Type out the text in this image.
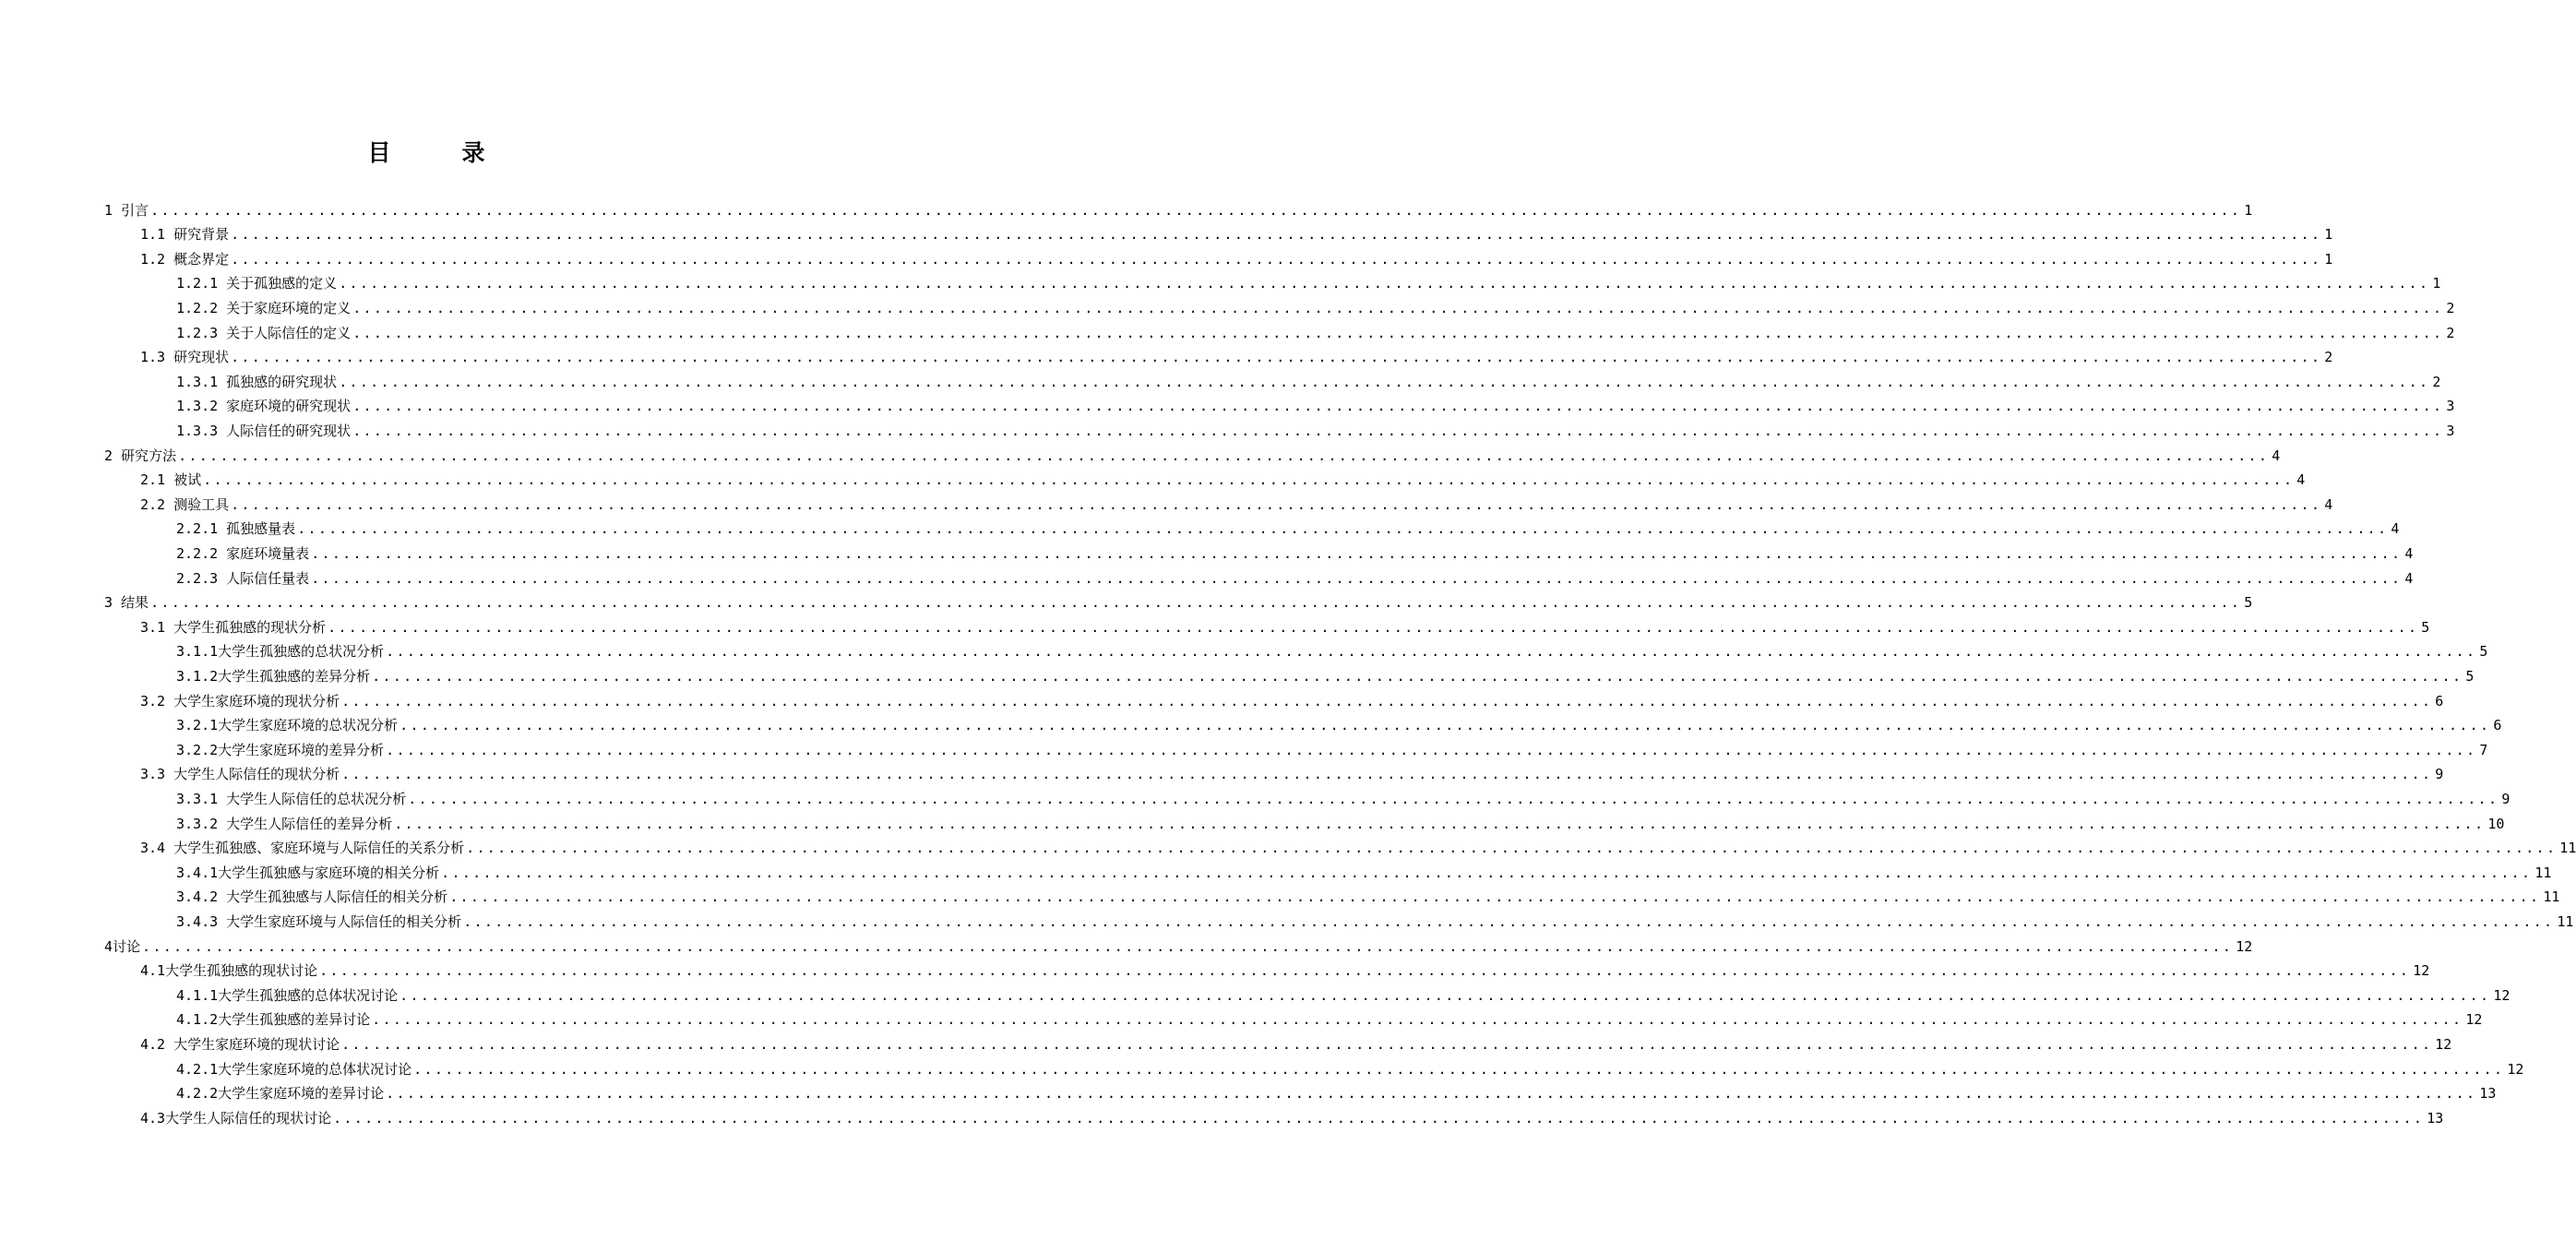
目　录
1 引言 ........................................................................................................................................................................................................ 1
1.1 研究背景 ........................................................................................................................................................................................................ 1
1.2 概念界定 ........................................................................................................................................................................................................ 1
1.2.1 关于孤独感的定义 ........................................................................................................................................................................................................ 1
1.2.2 关于家庭环境的定义 ........................................................................................................................................................................................................ 2
1.2.3 关于人际信任的定义 ........................................................................................................................................................................................................ 2
1.3 研究现状 ........................................................................................................................................................................................................ 2
1.3.1 孤独感的研究现状 ........................................................................................................................................................................................................ 2
1.3.2 家庭环境的研究现状 ........................................................................................................................................................................................................ 3
1.3.3 人际信任的研究现状 ........................................................................................................................................................................................................ 3
2 研究方法 ........................................................................................................................................................................................................ 4
2.1 被试 ........................................................................................................................................................................................................ 4
2.2 测验工具 ........................................................................................................................................................................................................ 4
2.2.1 孤独感量表 ........................................................................................................................................................................................................ 4
2.2.2 家庭环境量表 ........................................................................................................................................................................................................ 4
2.2.3 人际信任量表 ........................................................................................................................................................................................................ 4
3 结果 ........................................................................................................................................................................................................ 5
3.1 大学生孤独感的现状分析 ........................................................................................................................................................................................................ 5
3.1.1大学生孤独感的总状况分析 ........................................................................................................................................................................................................ 5
3.1.2大学生孤独感的差异分析 ........................................................................................................................................................................................................ 5
3.2 大学生家庭环境的现状分析 ........................................................................................................................................................................................................ 6
3.2.1大学生家庭环境的总状况分析 ........................................................................................................................................................................................................ 6
3.2.2大学生家庭环境的差异分析 ........................................................................................................................................................................................................ 7
3.3 大学生人际信任的现状分析 ........................................................................................................................................................................................................ 9
3.3.1 大学生人际信任的总状况分析 ........................................................................................................................................................................................................ 9
3.3.2 大学生人际信任的差异分析 ........................................................................................................................................................................................................ 10
3.4 大学生孤独感、家庭环境与人际信任的关系分析 ........................................................................................................................................................................................................ 11
3.4.1大学生孤独感与家庭环境的相关分析 ........................................................................................................................................................................................................ 11
3.4.2 大学生孤独感与人际信任的相关分析 ........................................................................................................................................................................................................ 11
3.4.3 大学生家庭环境与人际信任的相关分析 ........................................................................................................................................................................................................ 11
4讨论 ........................................................................................................................................................................................................ 12
4.1大学生孤独感的现状讨论 ........................................................................................................................................................................................................ 12
4.1.1大学生孤独感的总体状况讨论 ........................................................................................................................................................................................................ 12
4.1.2大学生孤独感的差异讨论 ........................................................................................................................................................................................................ 12
4.2 大学生家庭环境的现状讨论 ........................................................................................................................................................................................................ 12
4.2.1大学生家庭环境的总体状况讨论 ........................................................................................................................................................................................................ 12
4.2.2大学生家庭环境的差异讨论 ........................................................................................................................................................................................................ 13
4.3大学生人际信任的现状讨论 ........................................................................................................................................................................................................ 13
